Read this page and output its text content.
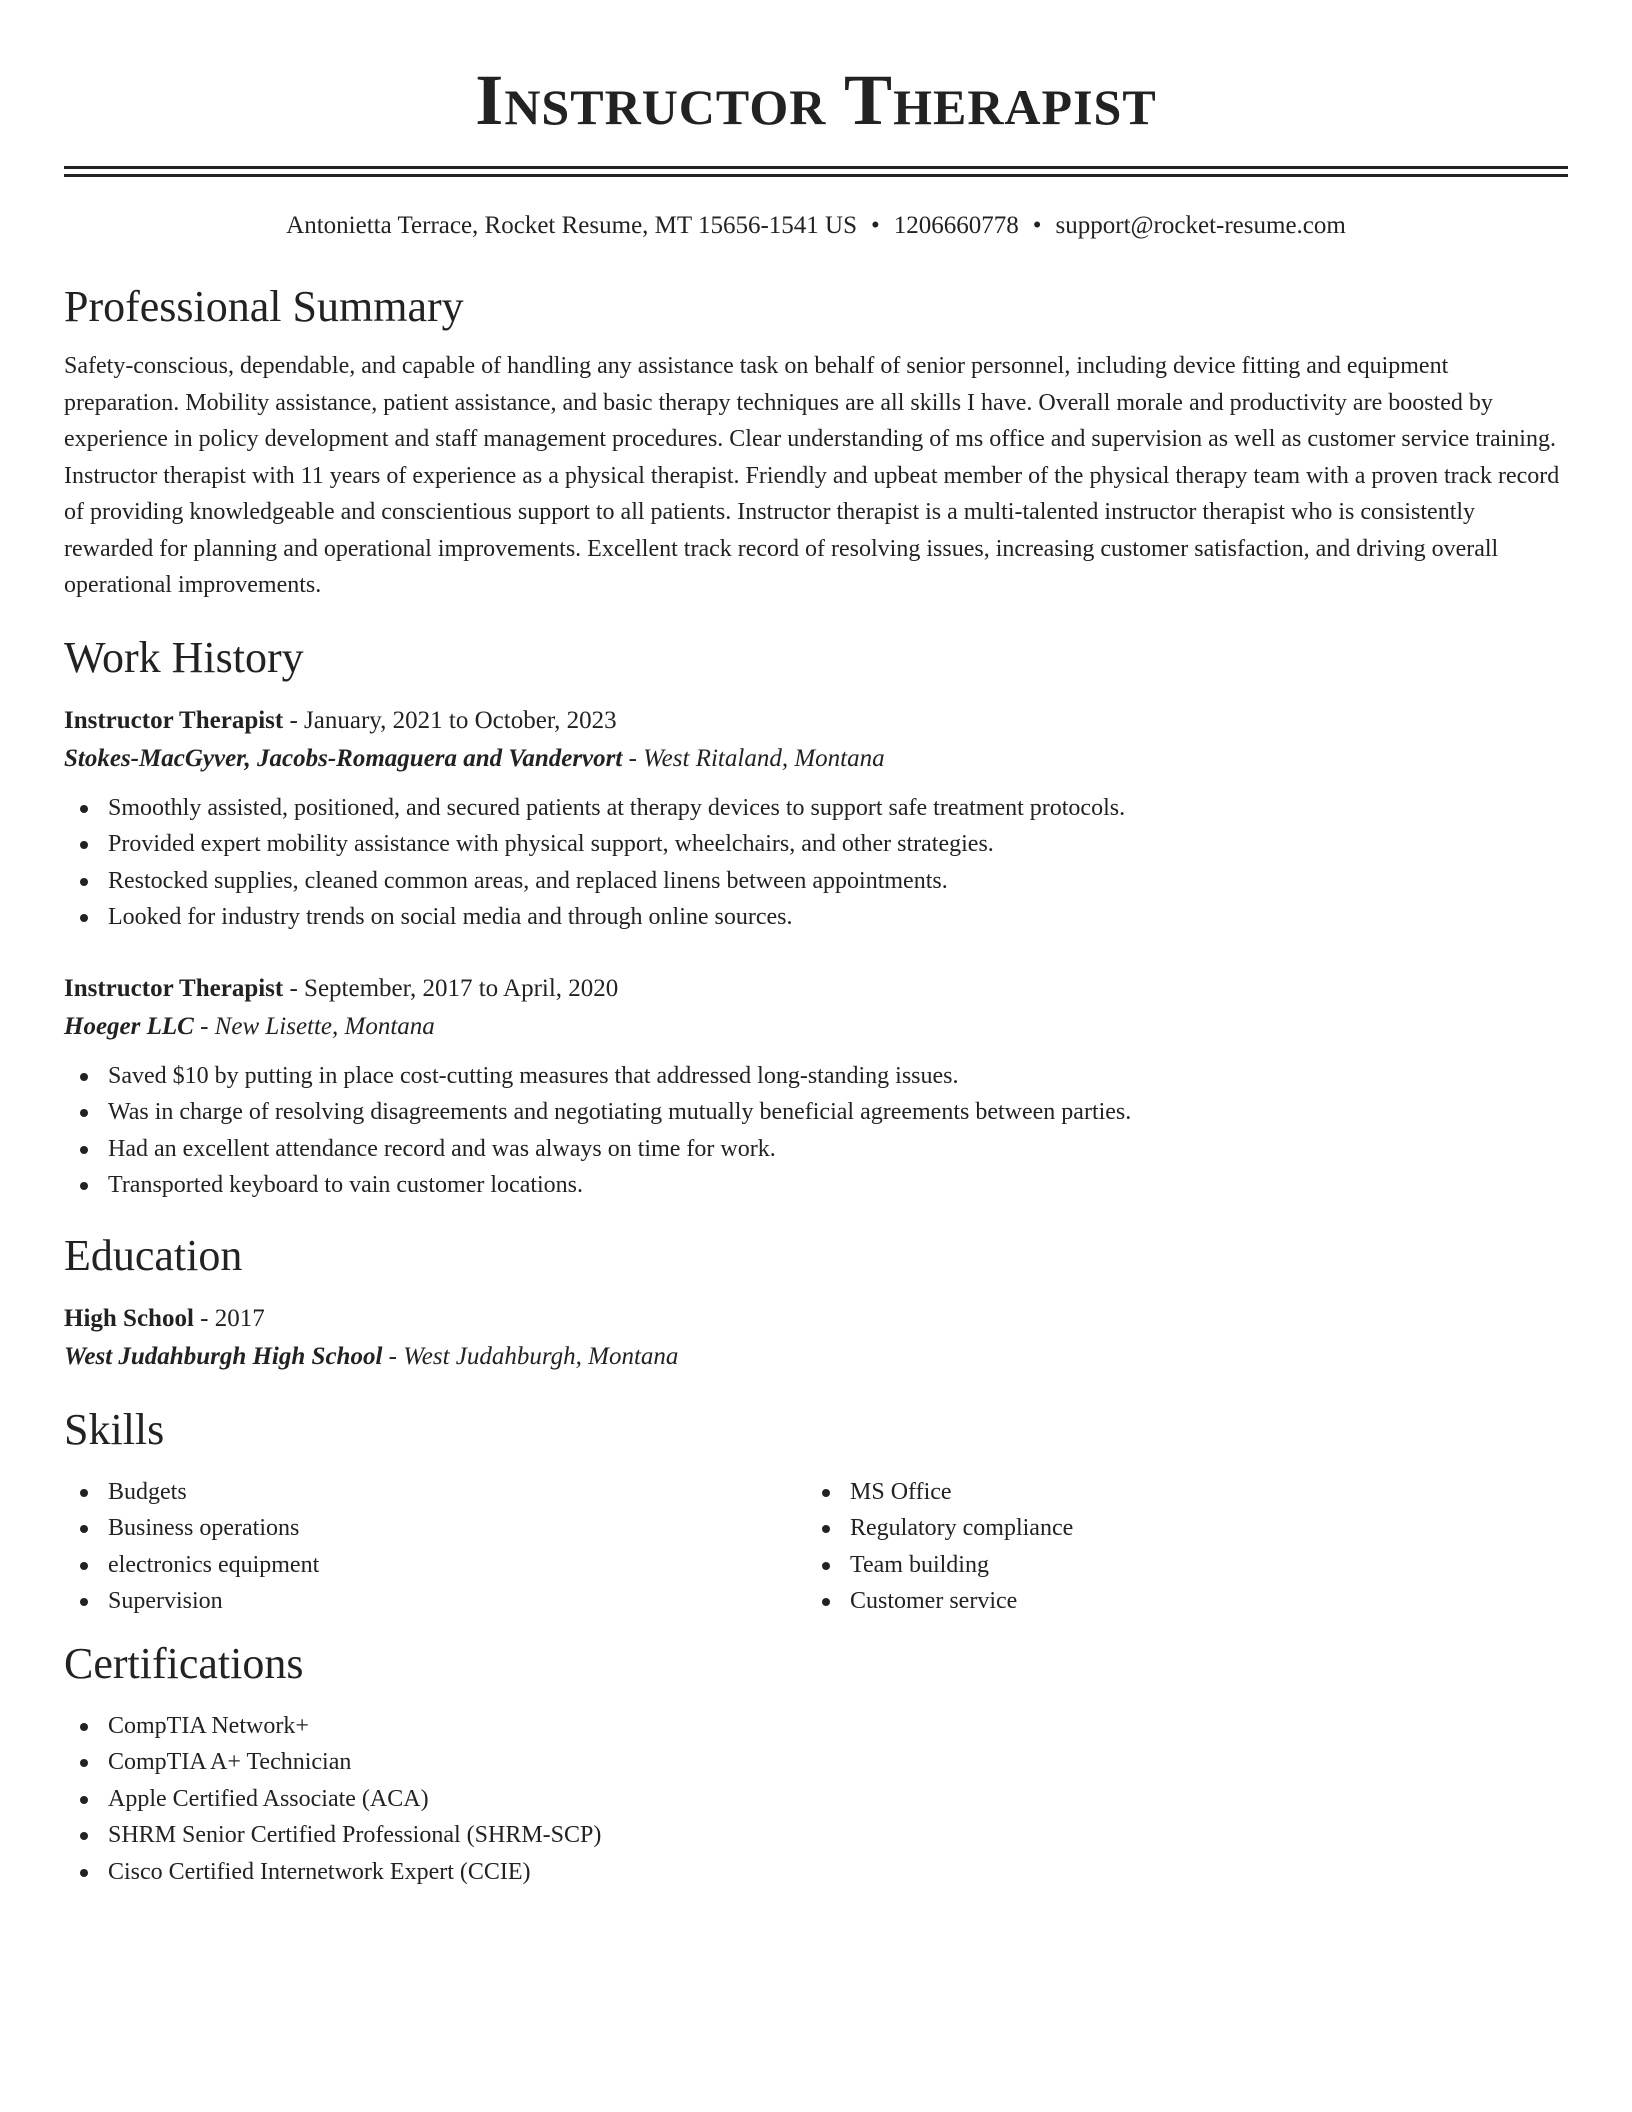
Instructor Therapist
Antonietta Terrace, Rocket Resume, MT 15656-1541 US • 1206660778 • support@rocket-resume.com
Professional Summary

Safety-conscious, dependable, and capable of handling any assistance task on behalf of senior personnel, including device fitting and equipment preparation. Mobility assistance, patient assistance, and basic therapy techniques are all skills I have. Overall morale and productivity are boosted by experience in policy development and staff management procedures. Clear understanding of ms office and supervision as well as customer service training. Instructor therapist with 11 years of experience as a physical therapist. Friendly and upbeat member of the physical therapy team with a proven track record of providing knowledgeable and conscientious support to all patients. Instructor therapist is a multi-talented instructor therapist who is consistently rewarded for planning and operational improvements. Excellent track record of resolving issues, increasing customer satisfaction, and driving overall operational improvements.

Work History
Instructor Therapist - January, 2021 to October, 2023
Stokes-MacGyver, Jacobs-Romaguera and Vandervort - West Ritaland, Montana
Smoothly assisted, positioned, and secured patients at therapy devices to support safe treatment protocols.
Provided expert mobility assistance with physical support, wheelchairs, and other strategies.
Restocked supplies, cleaned common areas, and replaced linens between appointments.
Looked for industry trends on social media and through online sources.
Instructor Therapist - September, 2017 to April, 2020
Hoeger LLC - New Lisette, Montana
Saved $10 by putting in place cost-cutting measures that addressed long-standing issues.
Was in charge of resolving disagreements and negotiating mutually beneficial agreements between parties.
Had an excellent attendance record and was always on time for work.
Transported keyboard to vain customer locations.
Education
High School - 2017
West Judahburgh High School - West Judahburgh, Montana
Skills
Budgets
Business operations
electronics equipment
Supervision
MS Office
Regulatory compliance
Team building
Customer service
Certifications
CompTIA Network+
CompTIA A+ Technician
Apple Certified Associate (ACA)
SHRM Senior Certified Professional (SHRM-SCP)
Cisco Certified Internetwork Expert (CCIE)
